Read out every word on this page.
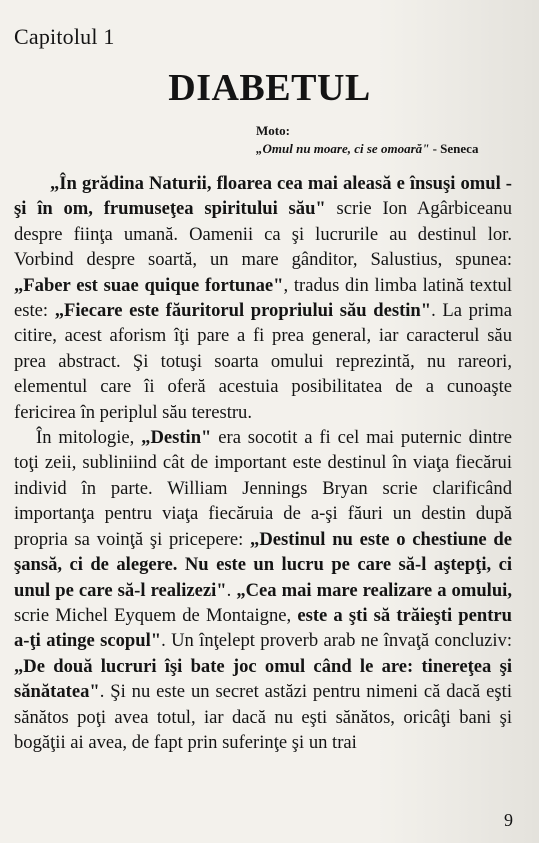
Capitolul 1
DIABETUL
Moto:
„Omul nu moare, ci se omoară" - Seneca

„În grădina Naturii, floarea cea mai aleasă e însuşi omul - şi în om, frumuseţea spiritului său" scrie Ion Agârbiceanu despre fiinţa umană. Oamenii ca şi lucrurile au destinul lor. Vorbind despre soartă, un mare gânditor, Salustius, spunea: „Faber est suae quique fortunae", tradus din limba latină textul este: „Fiecare este făuritorul propriului său destin". La prima citire, acest aforism îţi pare a fi prea general, iar caracterul său prea abstract. Şi totuşi soarta omului reprezintă, nu rareori, elementul care îi oferă acestuia posibilitatea de a cunoaşte fericirea în periplul său terestru.

În mitologie, „Destin" era socotit a fi cel mai puternic dintre toţi zeii, subliniind cât de important este destinul în viaţa fiecărui individ în parte. William Jennings Bryan scrie clarificând importanţa pentru viaţa fiecăruia de a-şi făuri un destin după propria sa voinţă şi pricepere: „Destinul nu este o chestiune de şansă, ci de alegere. Nu este un lucru pe care să-l aştepţi, ci unul pe care să-l realizezi". „Cea mai mare realizare a omului, scrie Michel Eyquem de Montaigne, este a şti să trăieşti pentru a-ţi atinge scopul". Un înţelept proverb arab ne învaţă concluziv: „De două lucruri îşi bate joc omul când le are: tinereţea şi sănătatea". Şi nu este un secret astăzi pentru nimeni că dacă eşti sănătos poţi avea totul, iar dacă nu eşti sănătos, oricâţi bani şi bogăţii ai avea, de fapt prin suferinţe şi un trai

9
